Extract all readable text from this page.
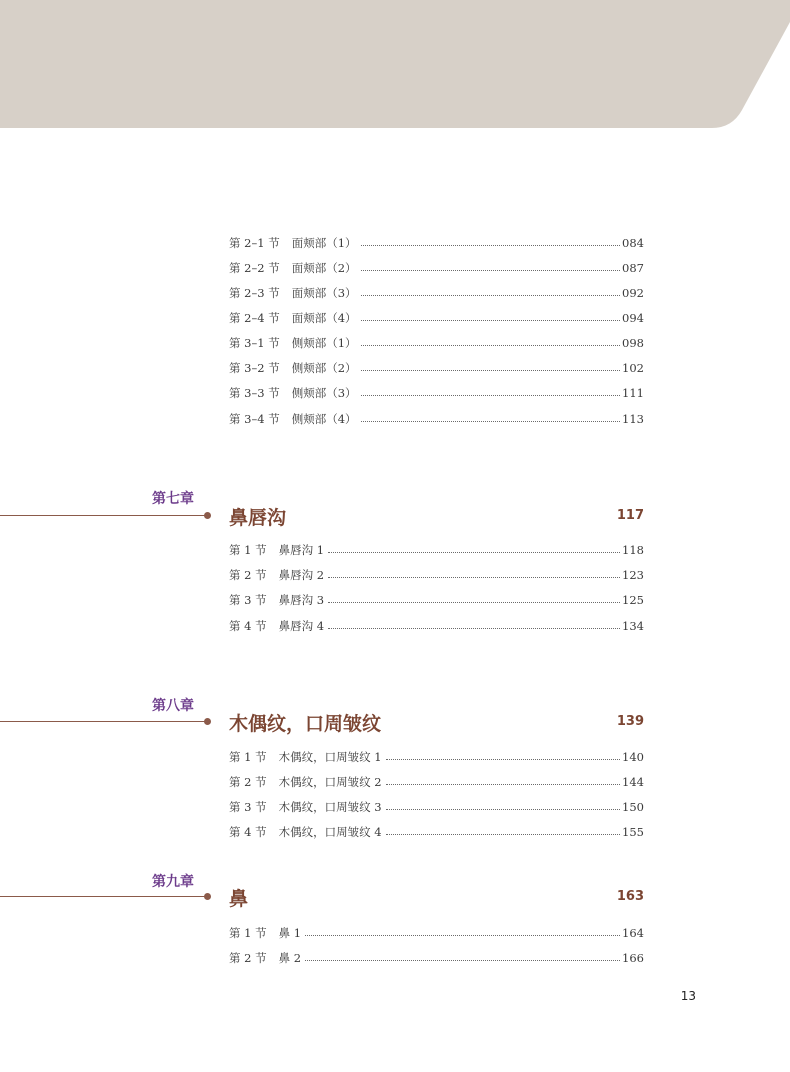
第 2–1 节 面颊部（1）	084
第 2–2 节 面颊部（2）	087
第 2–3 节 面颊部（3）	092
第 2–4 节 面颊部（4）	094
第 3–1 节 侧颊部（1）	098
第 3–2 节 侧颊部（2）	102
第 3–3 节 侧颊部（3）	111
第 3–4 节 侧颊部（4）	113
第七章
鼻唇沟	117
第 1 节 鼻唇沟 1	118
第 2 节 鼻唇沟 2	123
第 3 节 鼻唇沟 3	125
第 4 节 鼻唇沟 4	134
第八章
木偶纹，口周皱纹	139
第 1 节 木偶纹，口周皱纹 1	140
第 2 节 木偶纹，口周皱纹 2	144
第 3 节 木偶纹，口周皱纹 3	150
第 4 节 木偶纹，口周皱纹 4	155
第九章
鼻	163
第 1 节 鼻 1	164
第 2 节 鼻 2	166
13
